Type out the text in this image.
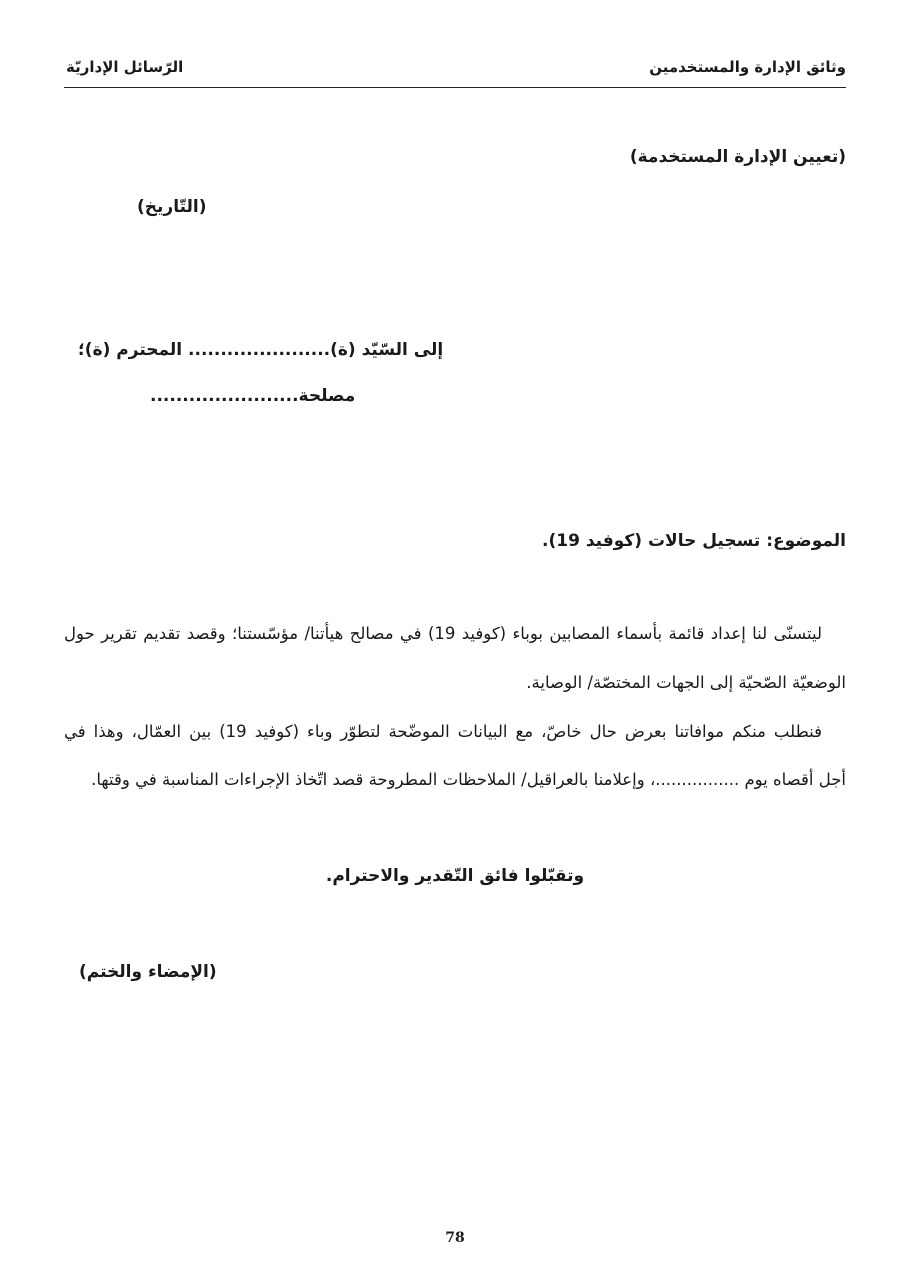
وثائق الإدارة والمستخدمين
الرّسائل الإداريّة
(تعيين الإدارة المستخدمة)
(التّاريخ)
إلى السّيّد (ة)...................... المحترم (ة)؛
مصلحة.......................
الموضوع: تسجيل حالات (كوفيد 19).
ليتسنّى لنا إعداد قائمة بأسماء المصابين بوباء (كوفيد 19) في مصالح هيأتنا/ مؤسّستنا؛ وقصد تقديم تقرير حول
الوضعيّة الصّحيّة إلى الجهات المختصّة/ الوصاية.
فنطلب منكم موافاتنا بعرض حال خاصّ، مع البيانات الموضّحة لتطوّر وباء (كوفيد 19) بين العمّال، وهذا في
أجل أقصاه يوم ................، وإعلامنا بالعراقيل/ الملاحظات المطروحة قصد اتّخاذ الإجراءات المناسبة في وقتها.
وتقبّلوا فائق التّقدير والاحترام.
(الإمضاء والختم)
78
